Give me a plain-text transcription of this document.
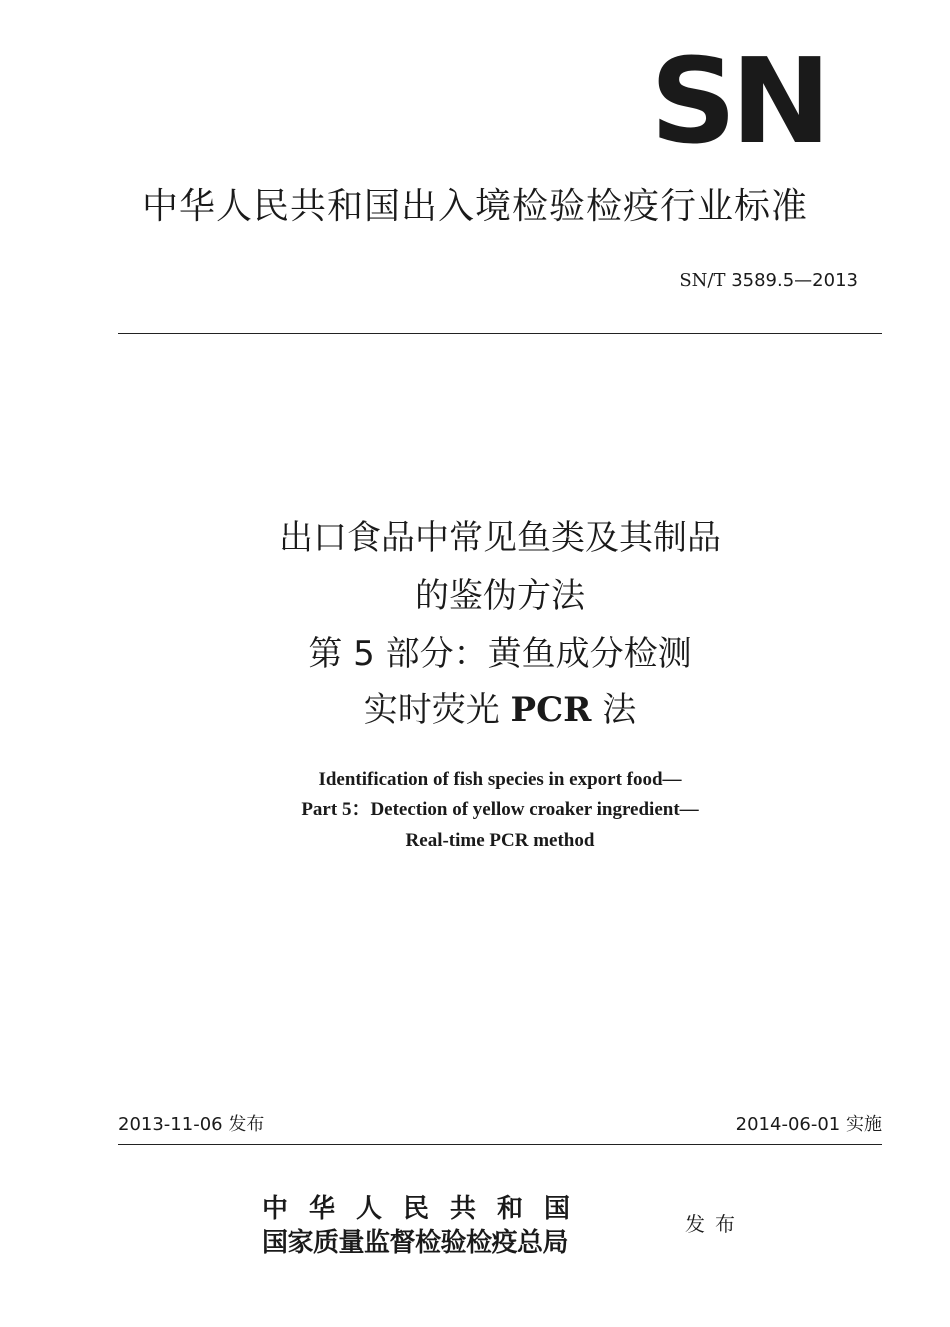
SN
中华人民共和国出入境检验检疫行业标准
SN/T 3589.5—2013
出口食品中常见鱼类及其制品
的鉴伪方法
第 5 部分：黄鱼成分检测
实时荧光 PCR 法
Identification of fish species in export food—
Part 5：Detection of yellow croaker ingredient—
Real-time PCR method
2013-11-06 发布	2014-06-01 实施
中华人民共和国
国家质量监督检验检疫总局
发布
